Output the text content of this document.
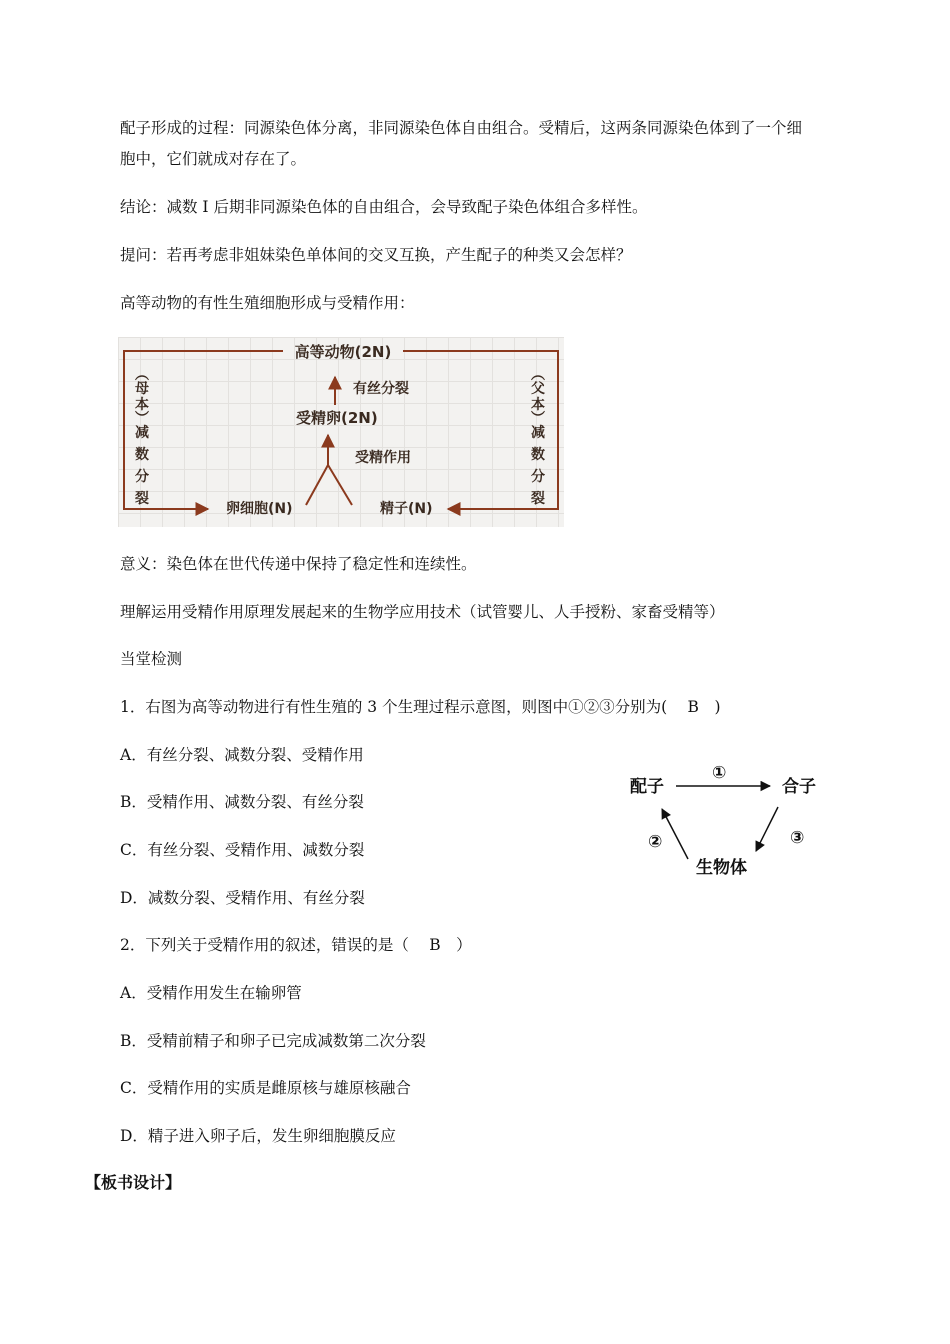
配子形成的过程：同源染色体分离，非同源染色体自由组合。受精后，这两条同源染色体到了一个细
胞中，它们就成对存在了。
结论：减数 I 后期非同源染色体的自由组合，会导致配子染色体组合多样性。
提问：若再考虑非姐妹染色单体间的交叉互换，产生配子的种类又会怎样？
高等动物的有性生殖细胞形成与受精作用：
高等动物(2N)
有丝分裂
受精卵(2N)
受精作用
卵细胞(N)	精子(N)
︵
母
本
︶
减
数
分
裂
︵
父
本
︶
减
数
分
裂
意义：染色体在世代传递中保持了稳定性和连续性。
理解运用受精作用原理发展起来的生物学应用技术（试管婴儿、人手授粉、家畜受精等）
当堂检测
1．右图为高等动物进行有性生殖的 3 个生理过程示意图，则图中①②③分别为(　 B　)
A．有丝分裂、减数分裂、受精作用
B．受精作用、减数分裂、有丝分裂
C．有丝分裂、受精作用、减数分裂
D．减数分裂、受精作用、有丝分裂
配子	合子
生物体
①
②	③
2．下列关于受精作用的叙述，错误的是（　 B　）
A．受精作用发生在输卵管
B．受精前精子和卵子已完成减数第二次分裂
C．受精作用的实质是雌原核与雄原核融合
D．精子进入卵子后，发生卵细胞膜反应
【板书设计】
